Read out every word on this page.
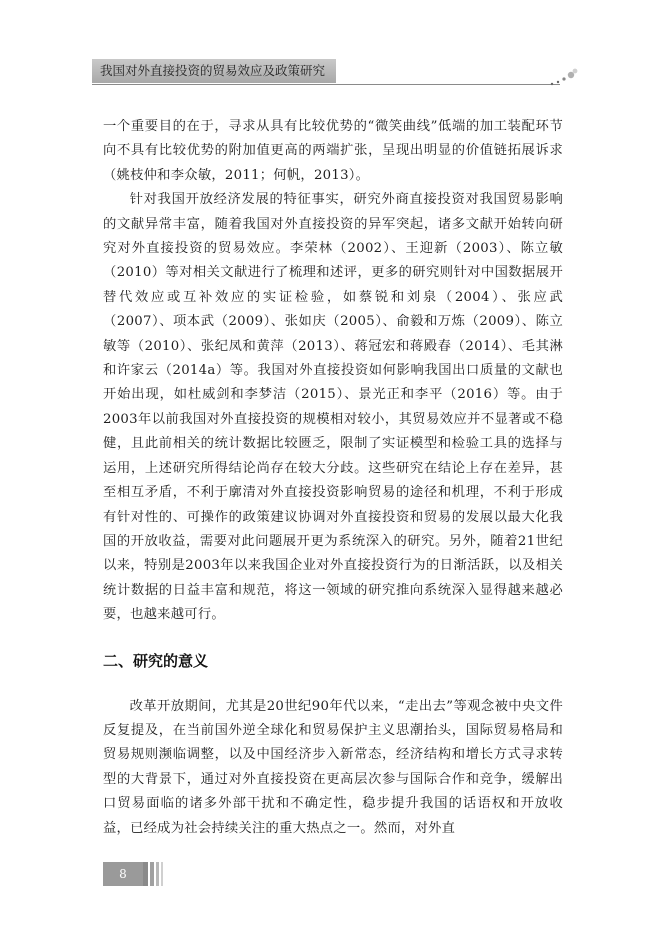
我国对外直接投资的贸易效应及政策研究

一个重要目的在于，寻求从具有比较优势的“微笑曲线”低端的加工装配环节向不具有比较优势的附加值更高的两端扩张，呈现出明显的价值链拓展诉求（姚枝仲和李众敏，2011；何帆，2013）。

针对我国开放经济发展的特征事实，研究外商直接投资对我国贸易影响的文献异常丰富，随着我国对外直接投资的异军突起，诸多文献开始转向研究对外直接投资的贸易效应。李荣林（2002）、王迎新（2003）、陈立敏（2010）等对相关文献进行了梳理和述评，更多的研究则针对中国数据展开替代效应或互补效应的实证检验，如蔡锐和刘泉（2004）、张应武（2007）、项本武（2009）、张如庆（2005）、俞毅和万炼（2009）、陈立敏等（2010）、张纪凤和黄萍（2013）、蒋冠宏和蒋殿春（2014）、毛其淋和许家云（2014a）等。我国对外直接投资如何影响我国出口质量的文献也开始出现，如杜威剑和李梦洁（2015）、景光正和李平（2016）等。由于2003年以前我国对外直接投资的规模相对较小，其贸易效应并不显著或不稳健，且此前相关的统计数据比较匮乏，限制了实证模型和检验工具的选择与运用，上述研究所得结论尚存在较大分歧。这些研究在结论上存在差异，甚至相互矛盾，不利于廓清对外直接投资影响贸易的途径和机理，不利于形成有针对性的、可操作的政策建议协调对外直接投资和贸易的发展以最大化我国的开放收益，需要对此问题展开更为系统深入的研究。另外，随着21世纪以来，特别是2003年以来我国企业对外直接投资行为的日渐活跃，以及相关统计数据的日益丰富和规范，将这一领域的研究推向系统深入显得越来越必要，也越来越可行。

二、研究的意义

改革开放期间，尤其是20世纪90年代以来，“走出去”等观念被中央文件反复提及，在当前国外逆全球化和贸易保护主义思潮抬头，国际贸易格局和贸易规则濒临调整，以及中国经济步入新常态，经济结构和增长方式寻求转型的大背景下，通过对外直接投资在更高层次参与国际合作和竞争，缓解出口贸易面临的诸多外部干扰和不确定性，稳步提升我国的话语权和开放收益，已经成为社会持续关注的重大热点之一。然而，对外直

8
